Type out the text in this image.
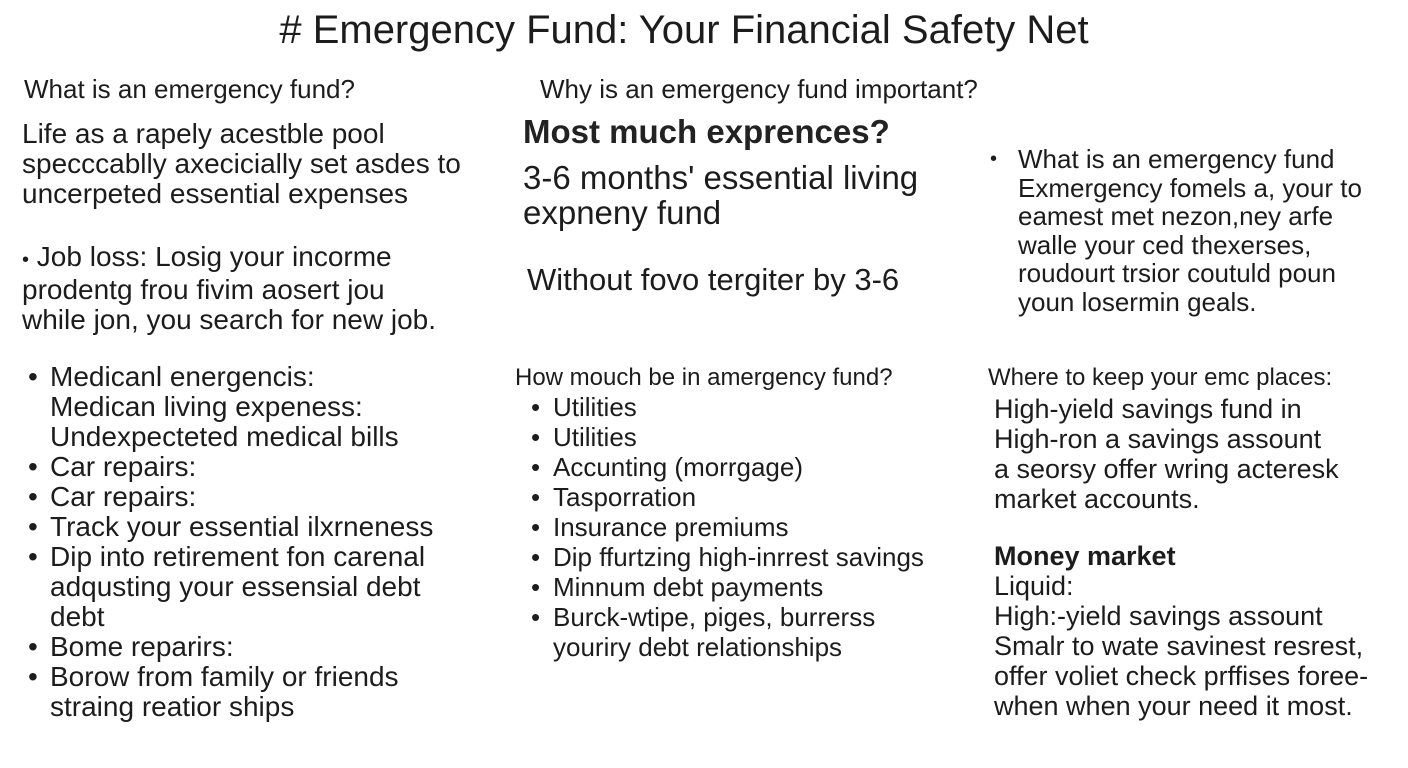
# Emergency Fund: Your Financial Safety Net
What is an emergency fund?
Life as a rapely acestble pool
specccablly axecicially set asdes to
uncerpeted essential expenses
• Job loss: Losig your incorme
prodentg frou fivim aosert jou
while jon, you search for new job.
• Medicanl energencis:
Medican living expeness:
Undexpecteted medical bills
• Car repairs:
• Car repairs:
• Track your essential ilxrneness
• Dip into retirement fon carenal
adqusting your essensial debt
debt
• Bome reparirs:
• Borow from family or friends
straing reatior ships
Why is an emergency fund important?
Most much exprences?
3-6 months' essential living
expneny fund
Without fovo tergiter by 3-6
How mouch be in amergency fund?
• Utilities
• Utilities
• Accunting (morrgage)
• Tasporration
• Insurance premiums
• Dip ffurtzing high-inrrest savings
• Minnum debt payments
• Burck-wtipe, piges, burrerss
youriry debt relationships
• What is an emergency fund
Exmergency fomels a, your to
eamest met nezon,ney arfe
walle your ced thexerses,
roudourt trsior coutuld poun
youn losermin geals.
Where to keep your emc places:
High-yield savings fund in
High-ron a savings assount
a seorsy offer wring acteresk
market accounts.
Money market
Liquid:
High:-yield savings assount
Smalr to wate savinest resrest,
offer voliet check prffises foree-
when when your need it most.
